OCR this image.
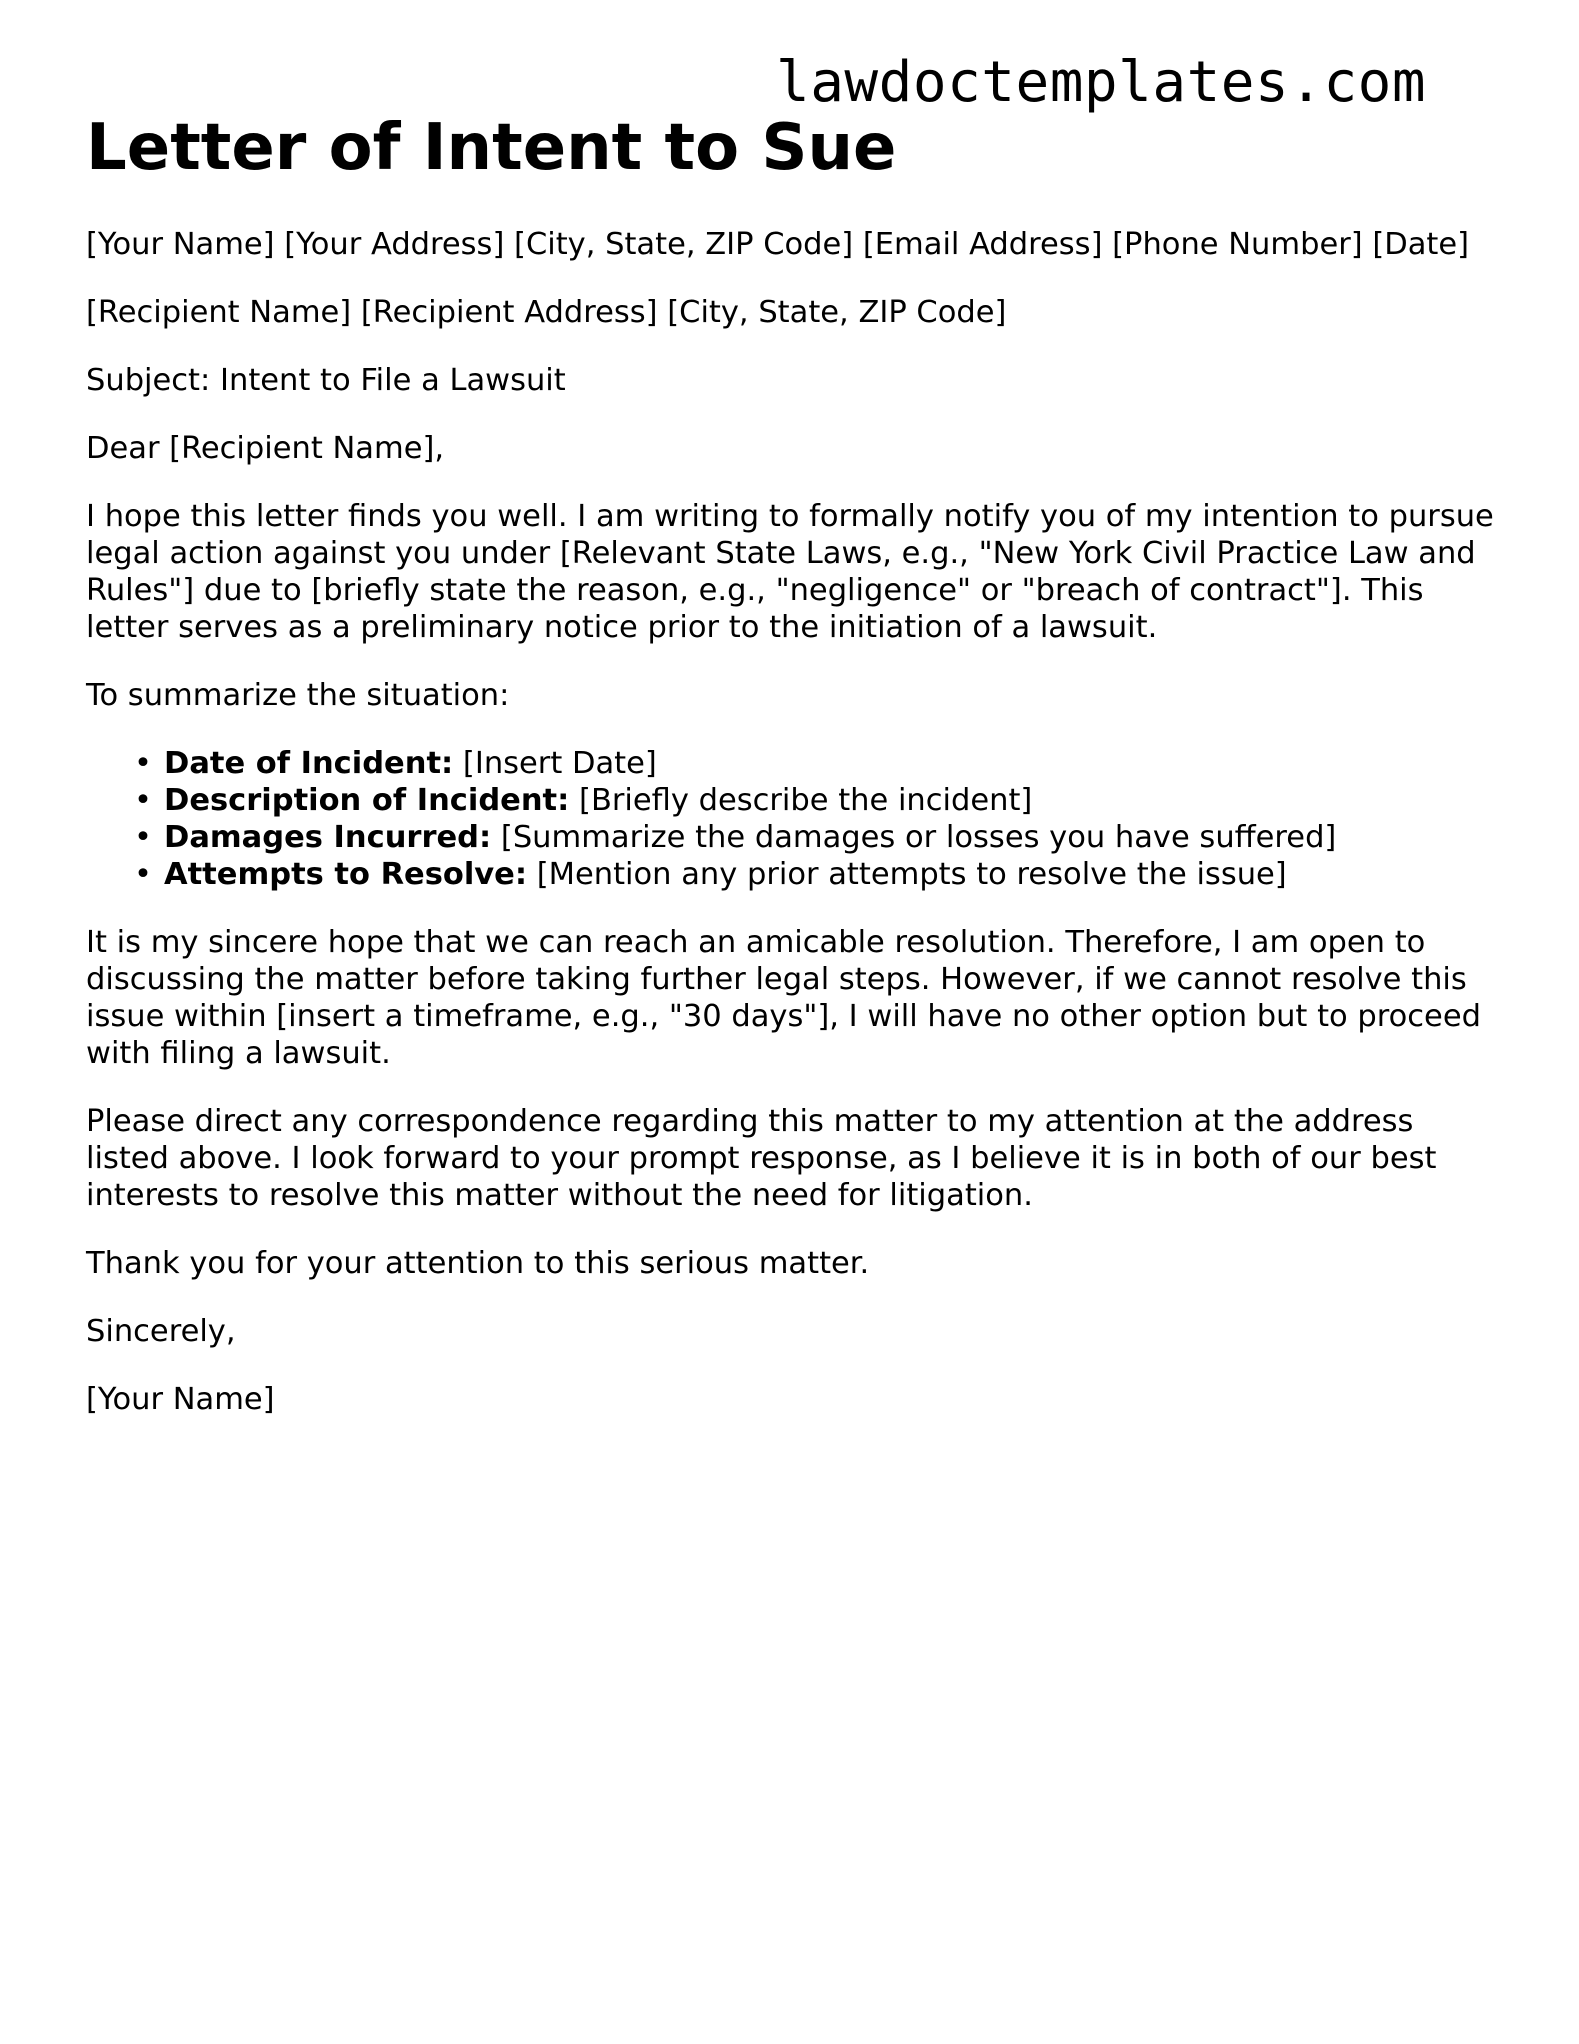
lawdoctemplates.com
Letter of Intent to Sue

[Your Name] [Your Address] [City, State, ZIP Code] [Email Address] [Phone Number] [Date]

[Recipient Name] [Recipient Address] [City, State, ZIP Code]

Subject: Intent to File a Lawsuit

Dear [Recipient Name],

I hope this letter finds you well. I am writing to formally notify you of my intention to pursue legal action against you under [Relevant State Laws, e.g., "New York Civil Practice Law and Rules"] due to [briefly state the reason, e.g., "negligence" or "breach of contract"]. This letter serves as a preliminary notice prior to the initiation of a lawsuit.

To summarize the situation:

• Date of Incident: [Insert Date]
• Description of Incident: [Briefly describe the incident]
• Damages Incurred: [Summarize the damages or losses you have suffered]
• Attempts to Resolve: [Mention any prior attempts to resolve the issue]

It is my sincere hope that we can reach an amicable resolution. Therefore, I am open to discussing the matter before taking further legal steps. However, if we cannot resolve this issue within [insert a timeframe, e.g., "30 days"], I will have no other option but to proceed with filing a lawsuit.

Please direct any correspondence regarding this matter to my attention at the address listed above. I look forward to your prompt response, as I believe it is in both of our best interests to resolve this matter without the need for litigation.

Thank you for your attention to this serious matter.

Sincerely,

[Your Name]
